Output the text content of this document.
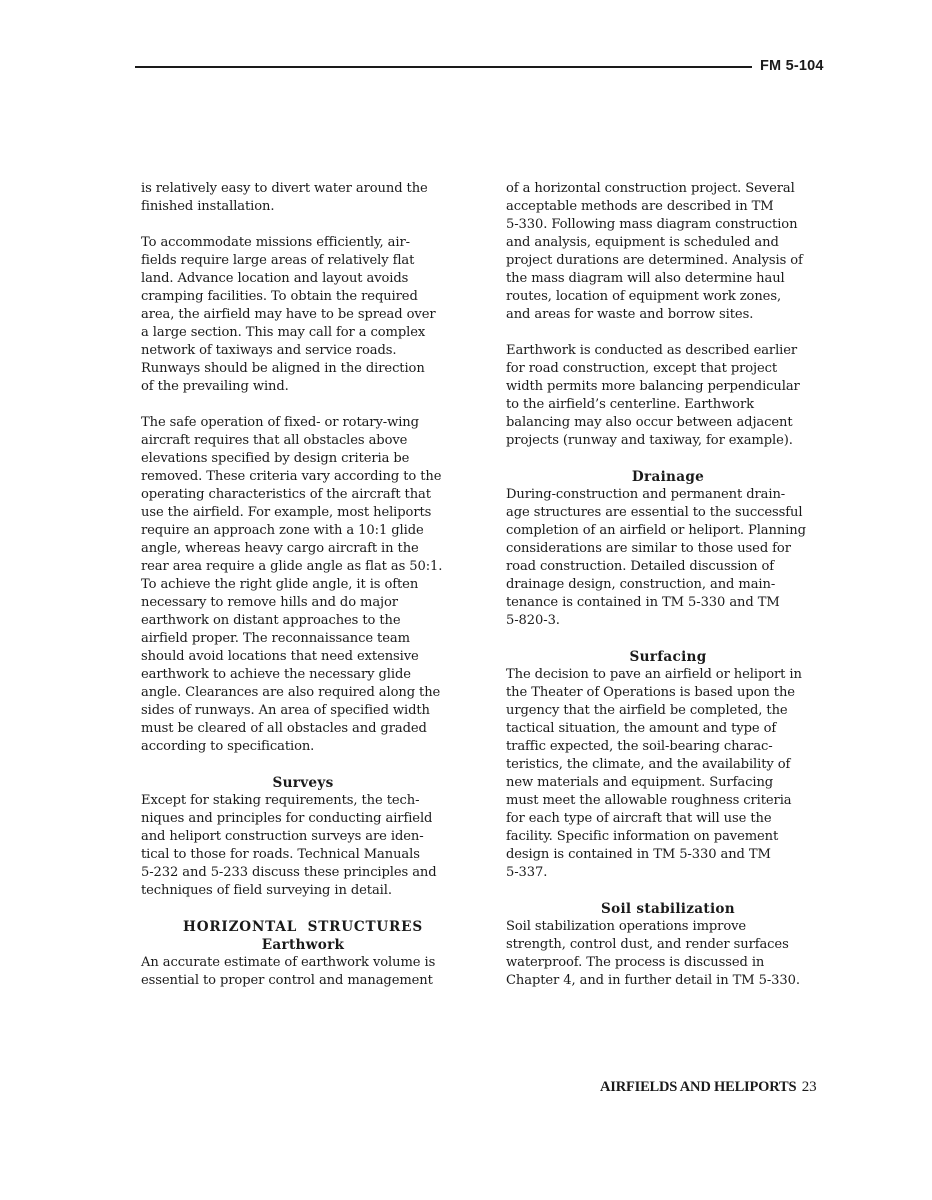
FM 5-104

is relatively easy to divert water around the
finished installation.

To accommodate missions efficiently, air-
fields require large areas of relatively flat
land. Advance location and layout avoids
cramping facilities. To obtain the required
area, the airfield may have to be spread over
a large section. This may call for a complex
network of taxiways and service roads.
Runways should be aligned in the direction
of the prevailing wind.

The safe operation of fixed- or rotary-wing
aircraft requires that all obstacles above
elevations specified by design criteria be
removed. These criteria vary according to the
operating characteristics of the aircraft that
use the airfield. For example, most heliports
require an approach zone with a 10:1 glide
angle, whereas heavy cargo aircraft in the
rear area require a glide angle as flat as 50:1.
To achieve the right glide angle, it is often
necessary to remove hills and do major
earthwork on distant approaches to the
airfield proper. The reconnaissance team
should avoid locations that need extensive
earthwork to achieve the necessary glide
angle. Clearances are also required along the
sides of runways. An area of specified width
must be cleared of all obstacles and graded
according to specification.

Surveys

Except for staking requirements, the tech-
niques and principles for conducting airfield
and heliport construction surveys are iden-
tical to those for roads. Technical Manuals
5-232 and 5-233 discuss these principles and
techniques of field surveying in detail.

HORIZONTAL STRUCTURES
Earthwork

An accurate estimate of earthwork volume is
essential to proper control and management

of a horizontal construction project. Several
acceptable methods are described in TM
5-330. Following mass diagram construction
and analysis, equipment is scheduled and
project durations are determined. Analysis of
the mass diagram will also determine haul
routes, location of equipment work zones,
and areas for waste and borrow sites.

Earthwork is conducted as described earlier
for road construction, except that project
width permits more balancing perpendicular
to the airfield’s centerline. Earthwork
balancing may also occur between adjacent
projects (runway and taxiway, for example).

Drainage

During-construction and permanent drain-
age structures are essential to the successful
completion of an airfield or heliport. Planning
considerations are similar to those used for
road construction. Detailed discussion of
drainage design, construction, and main-
tenance is contained in TM 5-330 and TM
5-820-3.

Surfacing

The decision to pave an airfield or heliport in
the Theater of Operations is based upon the
urgency that the airfield be completed, the
tactical situation, the amount and type of
traffic expected, the soil-bearing charac-
teristics, the climate, and the availability of
new materials and equipment. Surfacing
must meet the allowable roughness criteria
for each type of aircraft that will use the
facility. Specific information on pavement
design is contained in TM 5-330 and TM
5-337.

Soil stabilization

Soil stabilization operations improve
strength, control dust, and render surfaces
waterproof. The process is discussed in
Chapter 4, and in further detail in TM 5-330.

AIRFIELDS AND HELIPORTS 23
